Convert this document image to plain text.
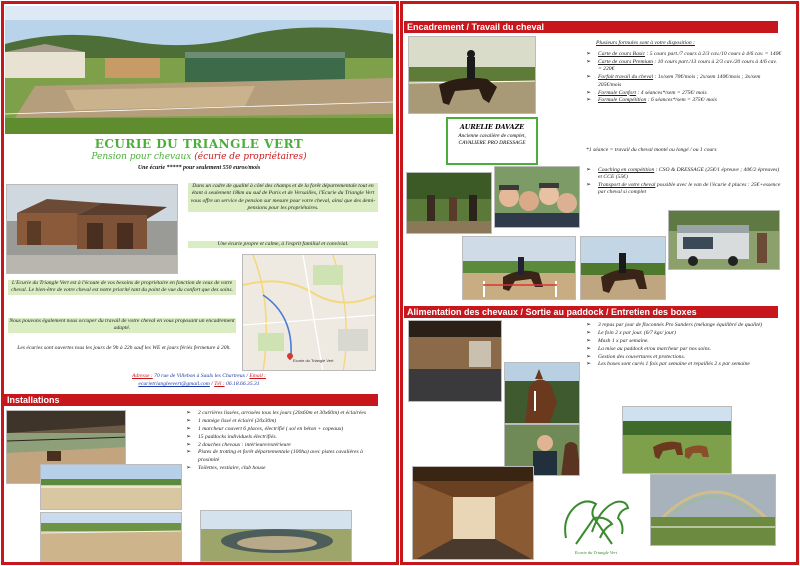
ECURIE DU TRIANGLE VERT
Pension pour chevaux (écurie de propriétaires)
Une écurie ***** pour seulement 550 euros/mois
Dans un cadre de qualité à côté des champs et de la forêt départementale tout en étant à seulement 18km au sud de Paris et de Versailles, l'Ecurie du Triangle Vert vous offre un service de pension sur mesure pour votre cheval, ainsi que des demi-pensions pour les propriétaires.
Une écurie propre et calme, à l'esprit familial et convivial.
L'Ecurie du Triangle Vert est à l'écoute de vos besoins de propriétaire en fonction de ceux de votre cheval. Le bien-être de votre cheval est notre priorité tant du point de vue du confort que des soins.
Nous pouvons également nous occuper du travail de votre cheval en vous proposant un encadrement adapté.
Les écuries sont ouvertes tous les jours de 9h à 22h sauf les WE et jours fériés fermeture à 20h.
Ecurie du Triangle Vert
Adresse : 70 rue de Villebon à Saulx les Chartreux / Email :
ecurietriangleevert@gmail.com / Tél : 06.18.66.35.31
Installations
➢ 2 carrières lissées, arrosées tous les jours (20x60m et 30x60m) et éclairées
➢ 1 manège lissé et éclairé (20x30m)
➢ 1 marcheur couvert 6 places, électrifié ( sol en béton + copeaux)
➢ 15 paddocks individuels électrifiés.
➢ 2 douches chevaux : intérieure/extérieure
➢ Pistes de trotting et forêt départementale (100ha) avec pistes cavalières à proximité
➢ Toilettes, vestiaire, club house
Encadrement / Travail du cheval
AURELIE DAVAZE
Ancienne cavalière de complet, CAVALIERE PRO DRESSAGE
Plusieurs formules sont à votre disposition :
➢ Carte de cours Basic : 5 cours part./7 cours à 2/3 cav./10 cours à 4/6 cav. = 140€
➢ Carte de cours Premium : 10 cours part./13 cours à 2/3 cav./20 cours à 4/6 cav. = 220€
➢ Forfait travail du cheval : 1x/sem 70€/mois ; 2x/sem 140€/mois ; 3x/sem 205€/mois
➢ Formule Confort : 4 séances*/sem = 275€/ mois
➢ Formule Compétition : 6 séances*/sem = 375€/ mois
*1 séance = travail du cheval monté ou longé / ou 1 cours
➢ Coaching en compétition : CSO & DRESSAGE (25€/1 épreuve ; 40€/2 épreuves) et CCE (55€)
➢ Transport de votre cheval possible avec le van de l'écurie 4 places : 25€+essence par cheval si complet
Alimentation des chevaux / Sortie au paddock / Entretien des boxes
➢ 3 repas par jour de floconnés Pro Sanders (mélange équilibré de qualité)
➢ Le foin 2 x par jour. (6/7 kgs/ jour)
➢ Mash 1 x par semaine.
➢ La mise au paddock et/ou marcheur par nos soins.
➢ Gestion des couvertures et protections.
➢ Les boxes sont curés 1 fois par semaine et repaillés 2 x par semaine
Ecurie du Triangle Vert
